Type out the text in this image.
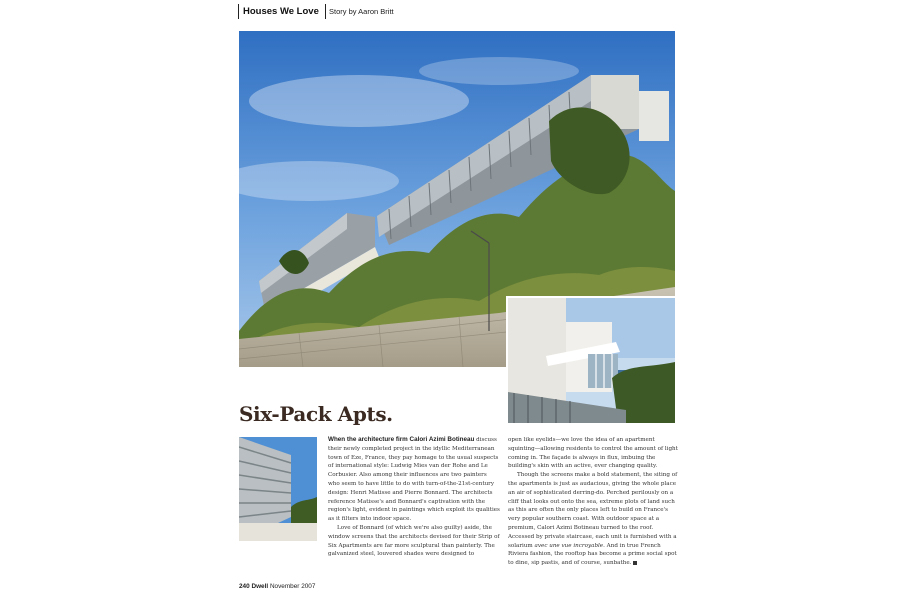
Houses We Love Story by Aaron Britt
Six-Pack Apts.

When the architecture firm Calori Azimi Botineau discuss their newly completed project in the idyllic Mediterranean town of Eze, France, they pay homage to the usual suspects of international style: Ludwig Mies van der Rohe and Le Corbusier. Also among their influences are two painters who seem to have little to do with turn-of-the-21st-century design: Henri Matisse and Pierre Bonnard. The architects reference Matisse's and Bonnard's captivation with the region's light, evident in paintings which exploit its qualities as it filters into indoor space.

Love of Bonnard (of which we're also guilty) aside, the window screens that the architects devised for their Strip of Six Apartments are far more sculptural than painterly. The galvanized steel, louvered shades were designed to

open like eyelids—we love the idea of an apartment squinting—allowing residents to control the amount of light coming in. The façade is always in flux, imbuing the building's skin with an active, ever changing quality.

Though the screens make a bold statement, the siting of the apartments is just as audacious, giving the whole place an air of sophisticated derring-do. Perched perilously on a cliff that looks out onto the sea, extreme plots of land such as this are often the only places left to build on France's very popular southern coast. With outdoor space at a premium, Calori Azimi Botineau turned to the roof. Accessed by private staircase, each unit is furnished with a solarium avec une vue incroyable. And in true French Riviera fashion, the rooftop has become a prime social spot to dine, sip pastis, and of course, sunbathe.

240 Dwell November 2007
